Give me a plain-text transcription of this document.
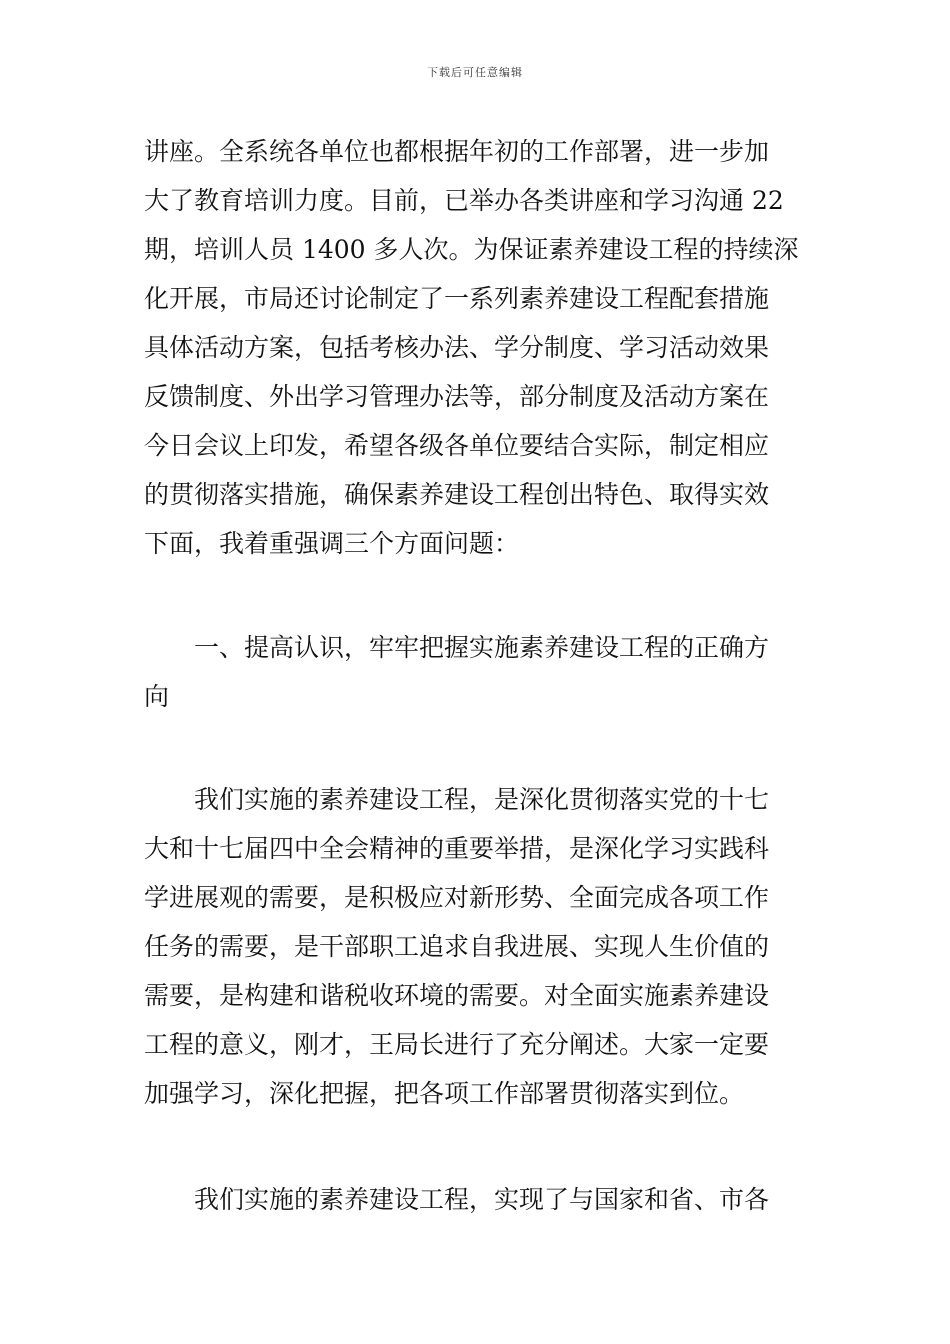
下载后可任意编辑
讲座。全系统各单位也都根据年初的工作部署，进一步加
大了教育培训力度。目前，已举办各类讲座和学习沟通 22
期，培训人员 1400 多人次。为保证素养建设工程的持续深
化开展，市局还讨论制定了一系列素养建设工程配套措施
具体活动方案，包括考核办法、学分制度、学习活动效果
反馈制度、外出学习管理办法等，部分制度及活动方案在
今日会议上印发，希望各级各单位要结合实际，制定相应
的贯彻落实措施，确保素养建设工程创出特色、取得实效
下面，我着重强调三个方面问题：
一、提高认识，牢牢把握实施素养建设工程的正确方
向
我们实施的素养建设工程，是深化贯彻落实党的十七
大和十七届四中全会精神的重要举措，是深化学习实践科
学进展观的需要，是积极应对新形势、全面完成各项工作
任务的需要，是干部职工追求自我进展、实现人生价值的
需要，是构建和谐税收环境的需要。对全面实施素养建设
工程的意义，刚才，王局长进行了充分阐述。大家一定要
加强学习，深化把握，把各项工作部署贯彻落实到位。
我们实施的素养建设工程，实现了与国家和省、市各
